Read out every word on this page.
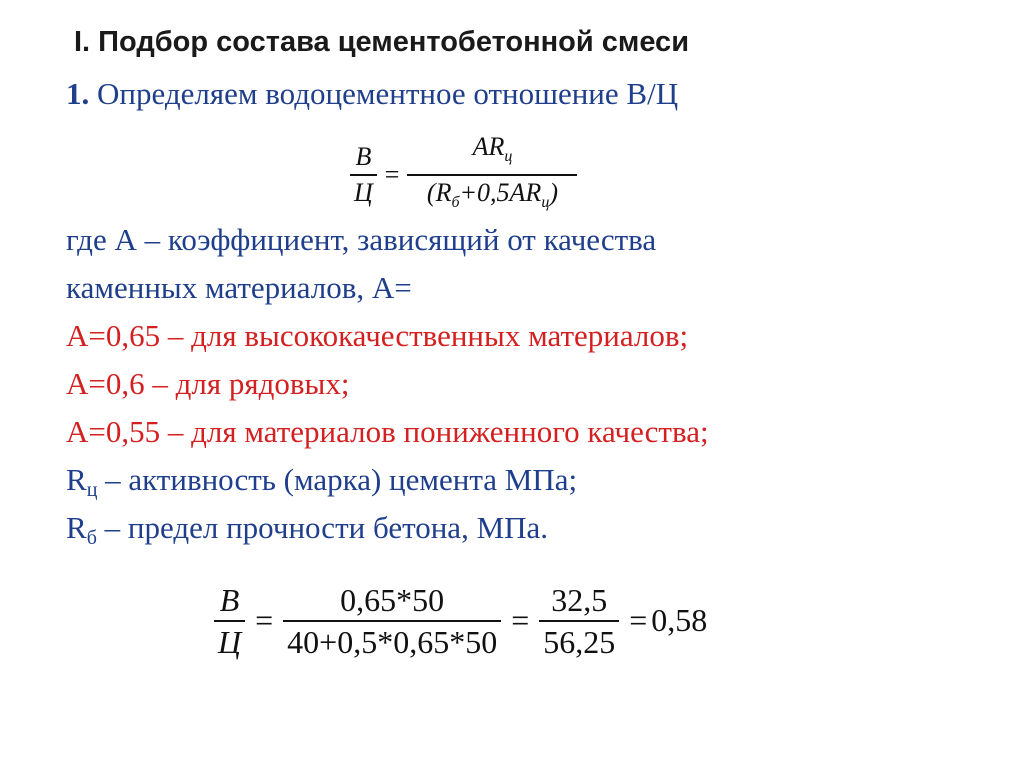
I. Подбор состава цементобетонной смеси
1. Определяем водоцементное отношение В/Ц
$\frac{В}{Ц} = \frac{AR_ц}{(R_б+0,5AR_ц)}$
где А – коэффициент, зависящий от качества
каменных материалов, А=
А=0,65 – для высококачественных материалов;
А=0,6 – для рядовых;
А=0,55 – для материалов пониженного качества;
$R_ц$ – активность (марка) цемента МПа;
$R_б$ – предел прочности бетона, МПа.
$\frac{В}{Ц} = \frac{0,65*50}{40+0,5*0,65*50} = \frac{32,5}{56,25} = 0,58$
